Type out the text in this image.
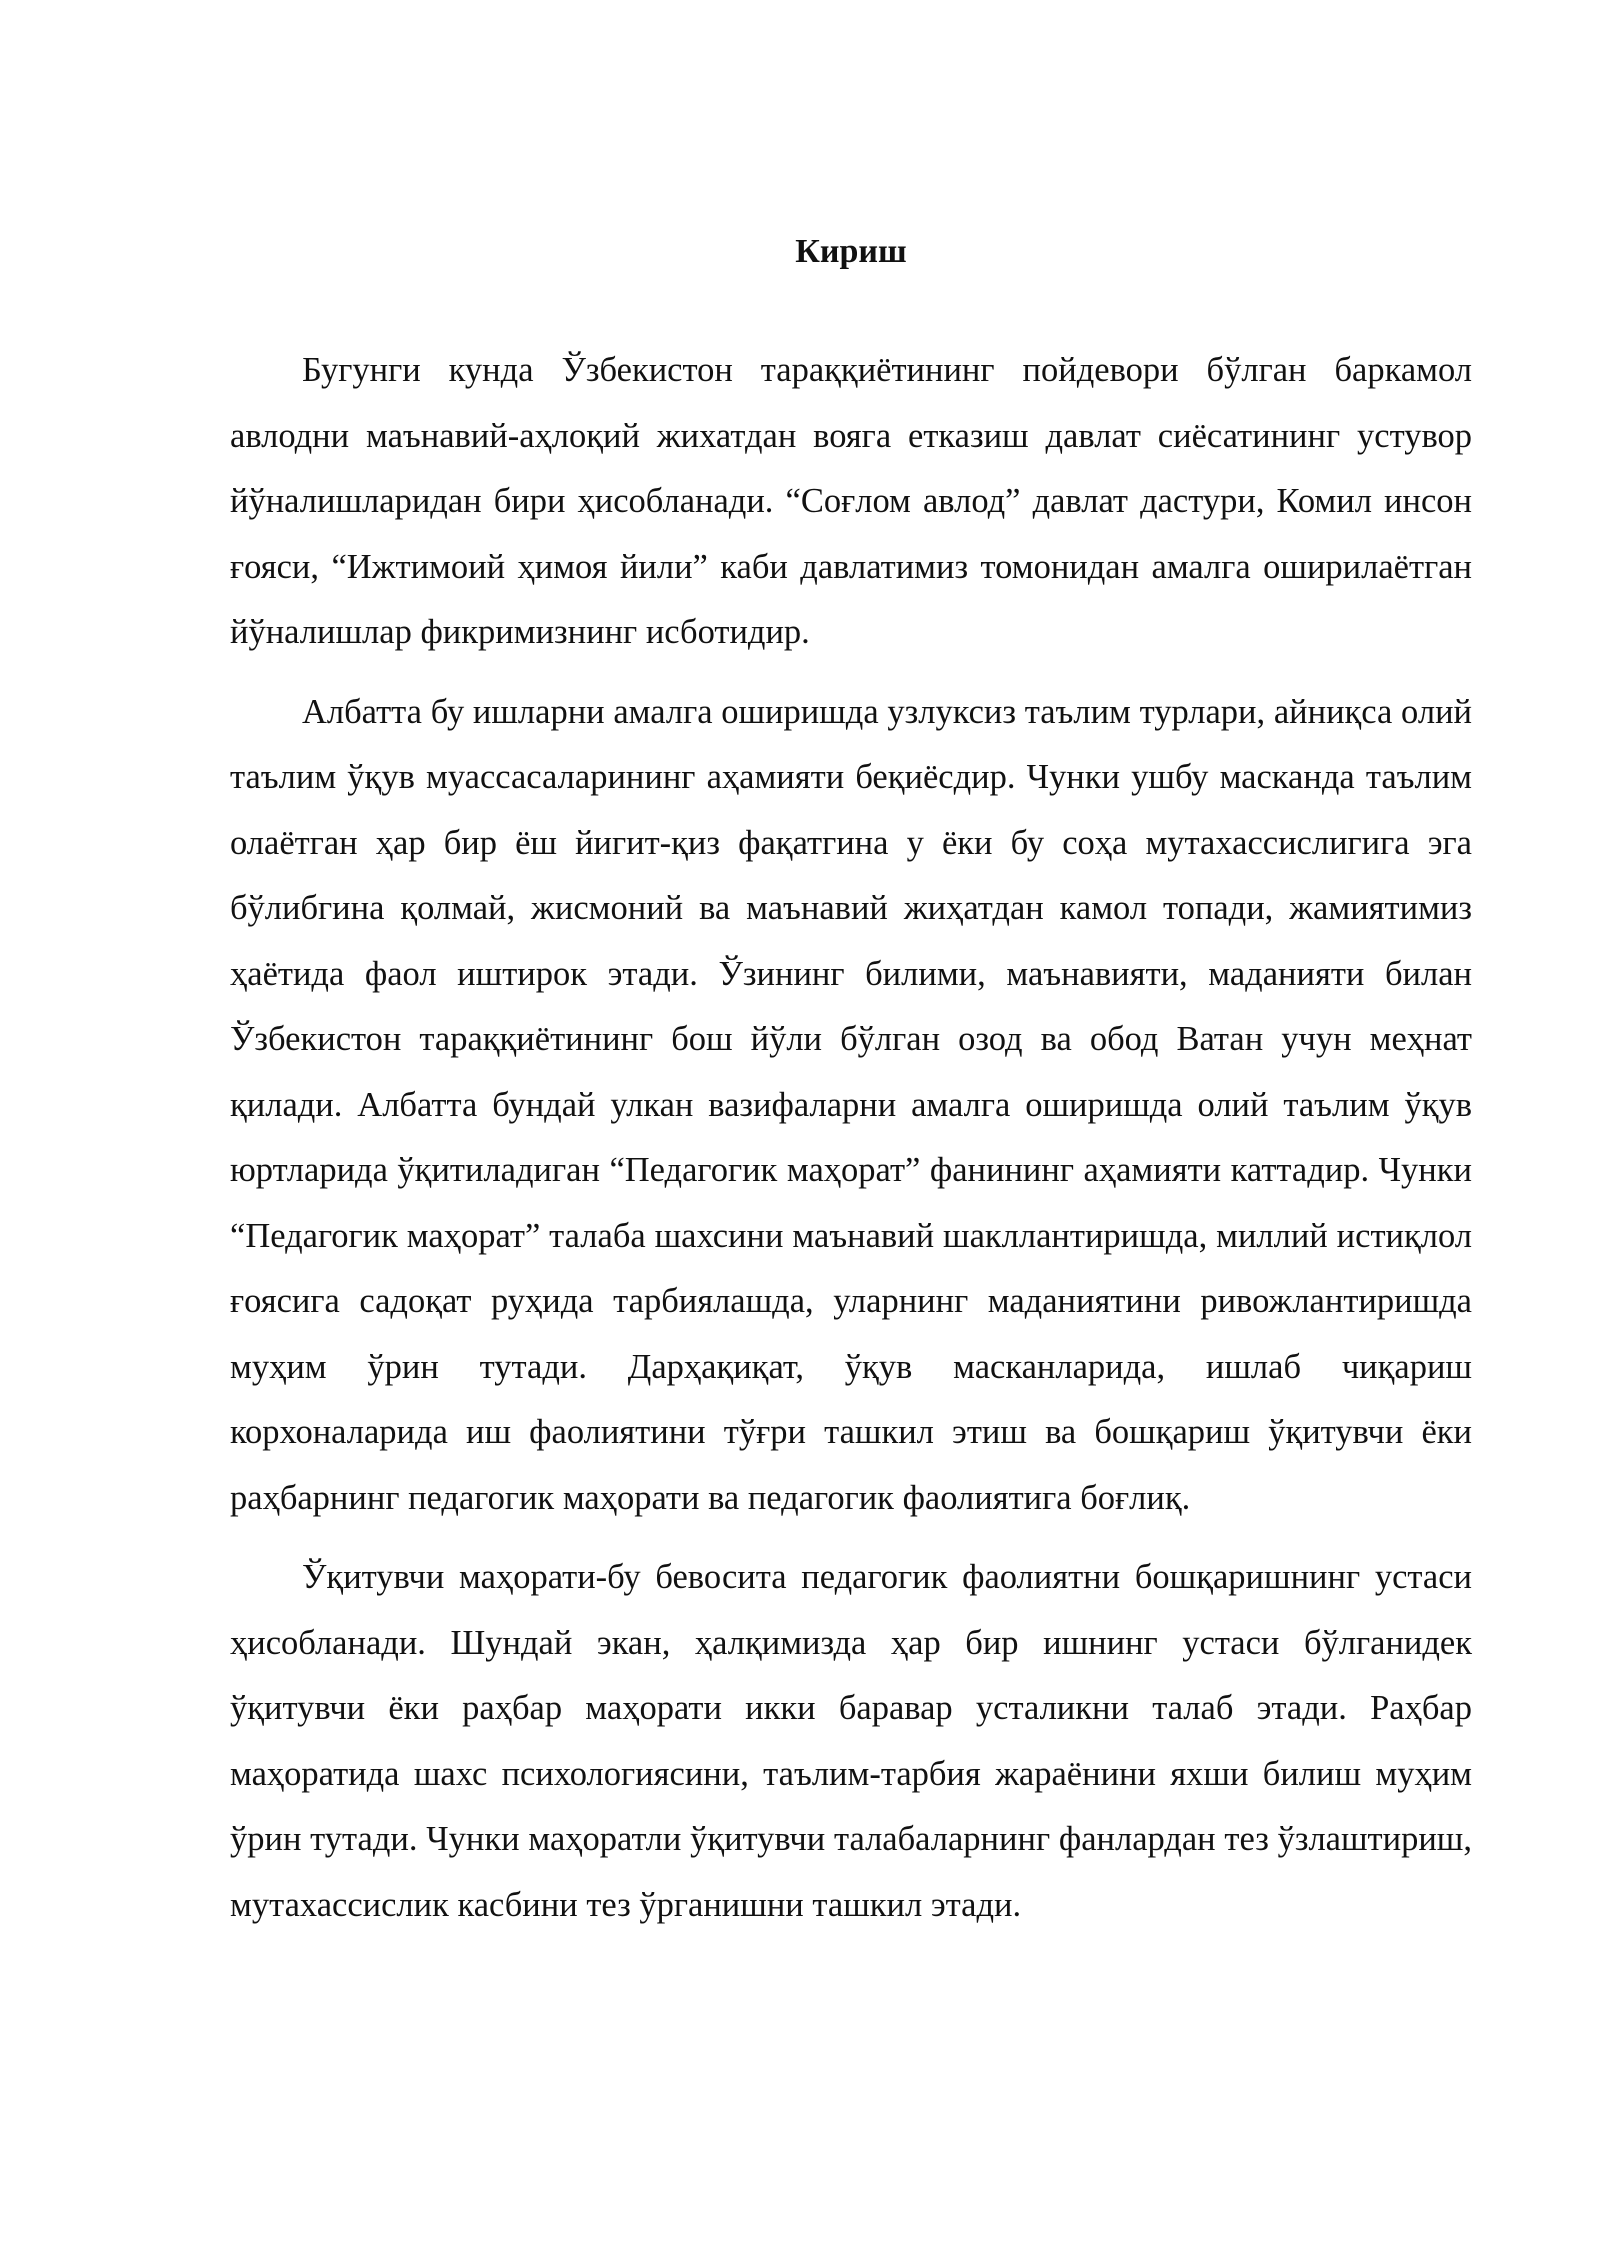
Кириш

Бугунги кунда Ўзбекистон тараққиётининг пойдевори бўлган баркамол авлодни маънавий-аҳлоқий жихатдан вояга етказиш давлат сиёсатининг устувор йўналишларидан бири ҳисобланади. “Соғлом авлод” давлат дастури, Комил инсон ғояси, “Ижтимоий ҳимоя йили” каби давлатимиз томонидан амалга оширилаётган йўналишлар фикримизнинг исботидир.

Албатта бу ишларни амалга оширишда узлуксиз таълим турлари, айниқса олий таълим ўқув муассасаларининг аҳамияти беқиёсдир. Чунки ушбу масканда таълим олаётган ҳар бир ёш йигит-қиз фақатгина у ёки бу соҳа мутахассислигига эга бўлибгина қолмай, жисмоний ва маънавий жиҳатдан камол топади, жамиятимиз ҳаётида фаол иштирок этади. Ўзининг билими, маънавияти, маданияти билан Ўзбекистон тараққиётининг бош йўли бўлган озод ва обод Ватан учун меҳнат қилади. Албатта бундай улкан вазифаларни амалга оширишда олий таълим ўқув юртларида ўқитиладиган “Педагогик маҳорат” фанининг аҳамияти каттадир. Чунки “Педагогик маҳорат” талаба шахсини маънавий шакллантиришда, миллий истиқлол ғоясига садоқат руҳида тарбиялашда, уларнинг маданиятини ривожлантиришда муҳим ўрин тутади. Дарҳақиқат, ўқув масканларида, ишлаб чиқариш корхоналарида иш фаолиятини тўғри ташкил этиш ва бошқариш ўқитувчи ёки раҳбарнинг педагогик маҳорати ва педагогик фаолиятига боғлиқ.

Ўқитувчи маҳорати-бу бевосита педагогик фаолиятни бошқаришнинг устаси ҳисобланади. Шундай экан, ҳалқимизда ҳар бир ишнинг устаси бўлганидек ўқитувчи ёки раҳбар маҳорати икки баравар усталикни талаб этади. Раҳбар маҳоратида шахс психологиясини, таълим-тарбия жараёнини яхши билиш муҳим ўрин тутади. Чунки маҳоратли ўқитувчи талабаларнинг фанлардан тез ўзлаштириш, мутахассислик касбини тез ўрганишни ташкил этади.
